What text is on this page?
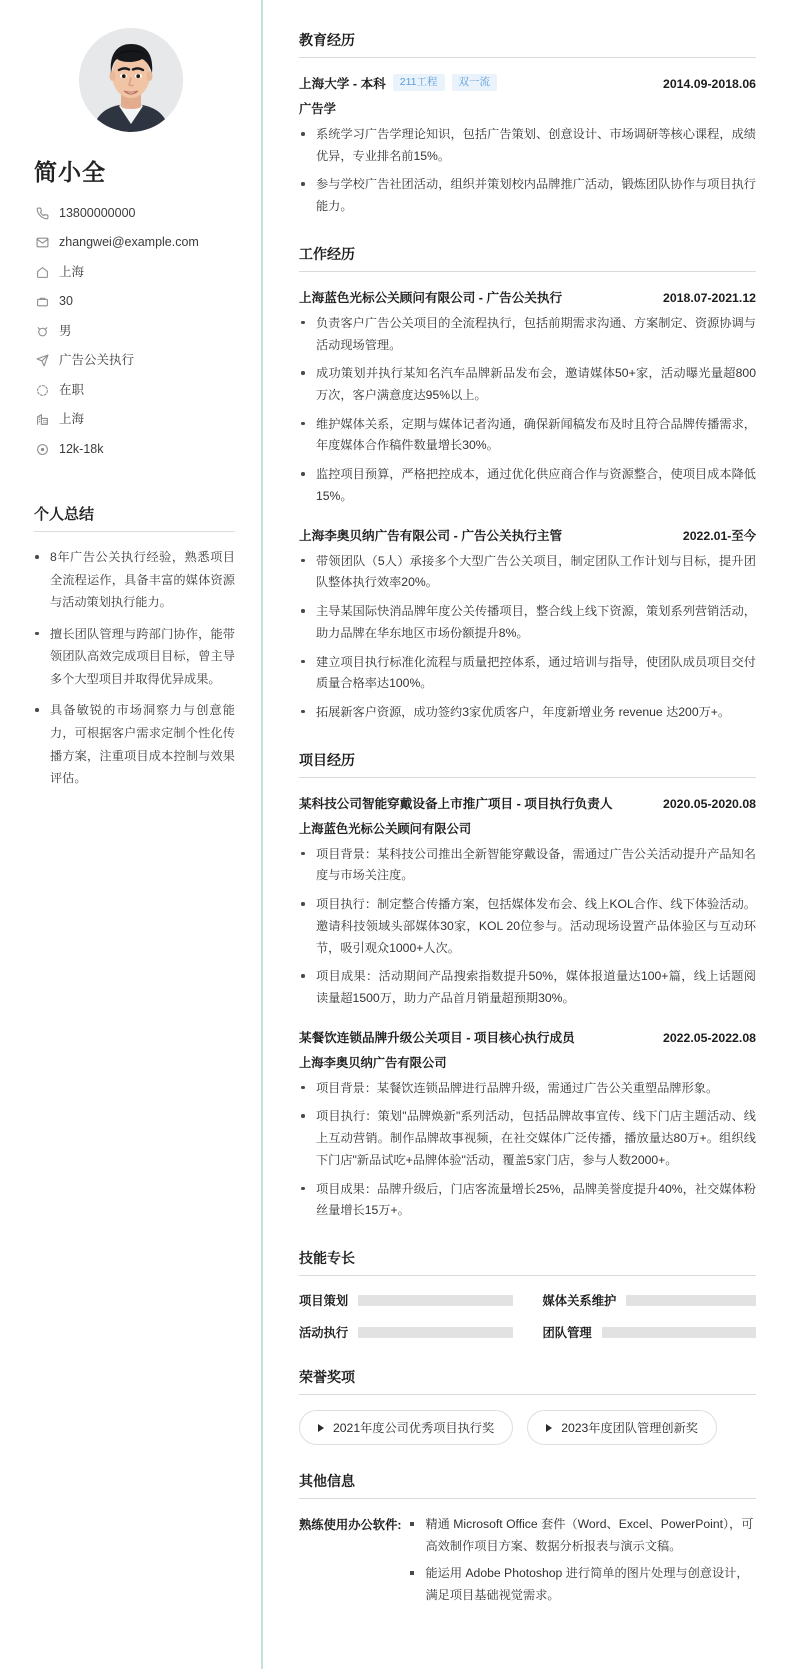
简小全
13800000000
zhangwei@example.com
上海
30
男
广告公关执行
在职
上海
12k-18k
个人总结
8年广告公关执行经验，熟悉项目全流程运作，具备丰富的媒体资源与活动策划执行能力。
擅长团队管理与跨部门协作，能带领团队高效完成项目目标，曾主导多个大型项目并取得优异成果。
具备敏锐的市场洞察力与创意能力，可根据客户需求定制个性化传播方案，注重项目成本控制与效果评估。
教育经历
上海大学 - 本科	211工程	双一流	2014.09-2018.06
广告学
系统学习广告学理论知识，包括广告策划、创意设计、市场调研等核心课程，成绩优异，专业排名前15%。
参与学校广告社团活动，组织并策划校内品牌推广活动，锻炼团队协作与项目执行能力。
工作经历
上海蓝色光标公关顾问有限公司 - 广告公关执行	2018.07-2021.12
负责客户广告公关项目的全流程执行，包括前期需求沟通、方案制定、资源协调与活动现场管理。
成功策划并执行某知名汽车品牌新品发布会，邀请媒体50+家，活动曝光量超800万次，客户满意度达95%以上。
维护媒体关系，定期与媒体记者沟通，确保新闻稿发布及时且符合品牌传播需求，年度媒体合作稿件数量增长30%。
监控项目预算，严格把控成本，通过优化供应商合作与资源整合，使项目成本降低15%。
上海李奥贝纳广告有限公司 - 广告公关执行主管	2022.01-至今
带领团队（5人）承接多个大型广告公关项目，制定团队工作计划与目标，提升团队整体执行效率20%。
主导某国际快消品牌年度公关传播项目，整合线上线下资源，策划系列营销活动，助力品牌在华东地区市场份额提升8%。
建立项目执行标准化流程与质量把控体系，通过培训与指导，使团队成员项目交付质量合格率达100%。
拓展新客户资源，成功签约3家优质客户，年度新增业务 revenue 达200万+。
项目经历
某科技公司智能穿戴设备上市推广项目 - 项目执行负责人	2020.05-2020.08
上海蓝色光标公关顾问有限公司
项目背景：某科技公司推出全新智能穿戴设备，需通过广告公关活动提升产品知名度与市场关注度。
项目执行：制定整合传播方案，包括媒体发布会、线上KOL合作、线下体验活动。邀请科技领域头部媒体30家，KOL 20位参与。活动现场设置产品体验区与互动环节，吸引观众1000+人次。
项目成果：活动期间产品搜索指数提升50%，媒体报道量达100+篇，线上话题阅读量超1500万，助力产品首月销量超预期30%。
某餐饮连锁品牌升级公关项目 - 项目核心执行成员	2022.05-2022.08
上海李奥贝纳广告有限公司
项目背景：某餐饮连锁品牌进行品牌升级，需通过广告公关重塑品牌形象。
项目执行：策划"品牌焕新"系列活动，包括品牌故事宣传、线下门店主题活动、线上互动营销。制作品牌故事视频，在社交媒体广泛传播，播放量达80万+。组织线下门店"新品试吃+品牌体验"活动，覆盖5家门店，参与人数2000+。
项目成果：品牌升级后，门店客流量增长25%，品牌美誉度提升40%，社交媒体粉丝量增长15万+。
技能专长
项目策划	媒体关系维护
活动执行	团队管理
荣誉奖项
2021年度公司优秀项目执行奖	2023年度团队管理创新奖
其他信息
熟练使用办公软件:	精通 Microsoft Office 套件（Word、Excel、PowerPoint），可高效制作项目方案、数据分析报表与演示文稿。
能运用 Adobe Photoshop 进行简单的图片处理与创意设计，满足项目基础视觉需求。
